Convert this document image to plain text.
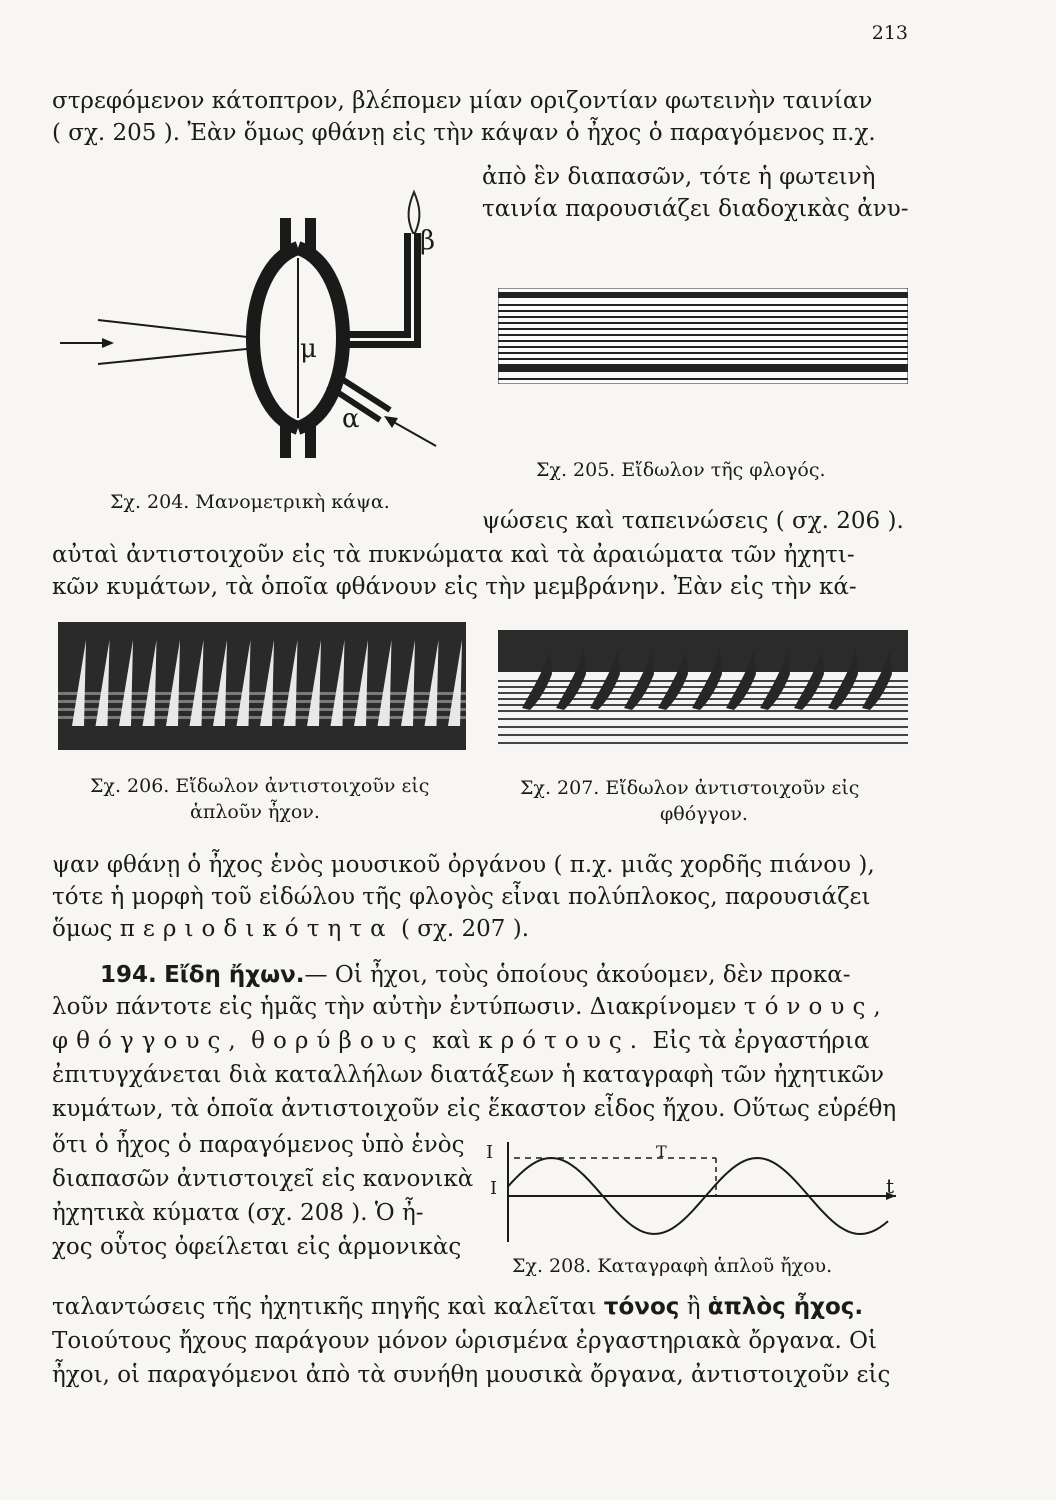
213
στρεφόμενον κάτοπτρον, βλέπομεν μίαν οριζοντίαν φωτεινὴν ταινίαν
( σχ. 205 ). Ἐὰν ὅμως φθάνῃ εἰς τὴν κάψαν ὁ ἦχος ὁ παραγόμενος π.χ.
ἀπὸ ἓν διαπασῶν, τότε ἡ φωτεινὴ
ταινία παρουσιάζει διαδοχικὰς ἀνυ-
β
μ
α
Σχ. 204. Μανομετρικὴ κάψα.
Σχ. 205. Εἴδωλον τῆς φλογός.
ψώσεις καὶ ταπεινώσεις ( σχ. 206 ).
αὐταὶ ἀντιστοιχοῦν εἰς τὰ πυκνώματα καὶ τὰ ἀραιώματα τῶν ἠχητι-
κῶν κυμάτων, τὰ ὁποῖα φθάνουν εἰς τὴν μεμβράνην. Ἐὰν εἰς τὴν κά-
Σχ. 206. Εἴδωλον ἀντιστοιχοῦν εἰς
ἁπλοῦν ἦχον.
Σχ. 207. Εἴδωλον ἀντιστοιχοῦν εἰς
φθόγγον.
ψαν φθάνῃ ὁ ἦχος ἑνὸς μουσικοῦ ὀργάνου ( π.χ. μιᾶς χορδῆς πιάνου ),
τότε ἡ μορφὴ τοῦ εἰδώλου τῆς φλογὸς εἶναι πολύπλοκος, παρουσιάζει
ὅμως περιοδικότητα ( σχ. 207 ).
194. Εἴδη ἤχων.— Οἱ ἦχοι, τοὺς ὁποίους ἀκούομεν, δὲν προκα-
λοῦν πάντοτε εἰς ἡμᾶς τὴν αὐτὴν ἐντύπωσιν. Διακρίνομεν τόνους,
φθόγγους, θορύβους καὶ κρότους. Εἰς τὰ ἐργαστήρια
ἐπιτυγχάνεται διὰ καταλλήλων διατάξεων ἡ καταγραφὴ τῶν ἠχητικῶν
κυμάτων, τὰ ὁποῖα ἀντιστοιχοῦν εἰς ἕκαστον εἶδος ἤχου. Οὕτως εὑρέθη
ὅτι ὁ ἦχος ὁ παραγόμενος ὑπὸ ἑνὸς
διαπασῶν ἀντιστοιχεῖ εἰς κανονικὰ
ἠχητικὰ κύματα (σχ. 208 ). Ὁ ἦ-
χος οὗτος ὀφείλεται εἰς ἁρμονικὰς
I
I
T
t
Σχ. 208. Καταγραφὴ ἁπλοῦ ἤχου.
ταλαντώσεις τῆς ἠχητικῆς πηγῆς καὶ καλεῖται τόνος ἢ ἁπλὸς ἦχος.
Τοιούτους ἤχους παράγουν μόνον ὡρισμένα ἐργαστηριακὰ ὄργανα. Οἱ
ἦχοι, οἱ παραγόμενοι ἀπὸ τὰ συνήθη μουσικὰ ὄργανα, ἀντιστοιχοῦν εἰς
